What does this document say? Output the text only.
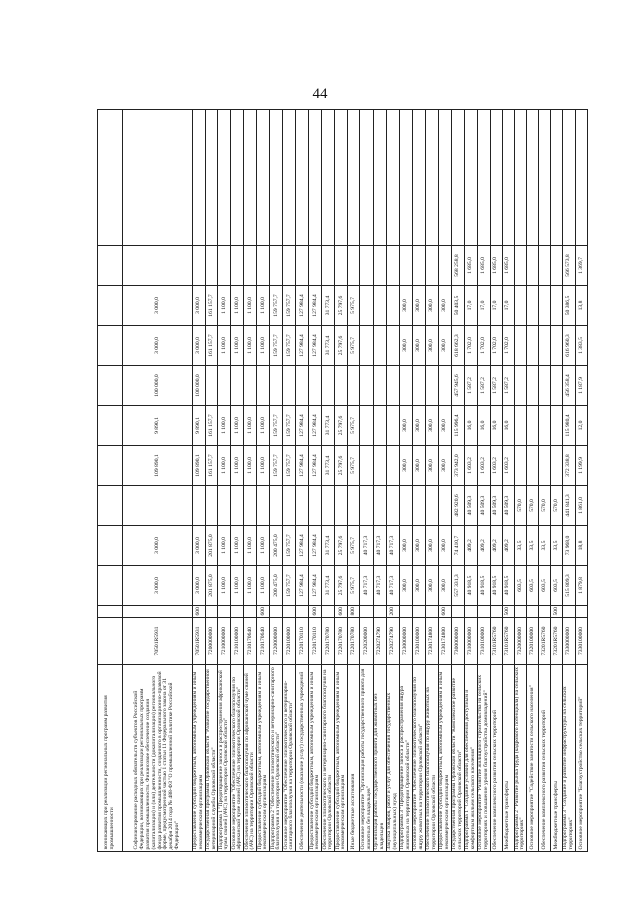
44
возникающих при реализации региональных программ развития промышленности												
Софинансирование расходных обязательств субъектов Российской Федерации, возникающих при реализации региональных программ развития промышленности. Финансовое обеспечение создания (капитализации) и (или) деятельности (докапитализации) регионального фонда развития промышленности, созданного в организационно-правовой форме, предусмотренной частью 1 статьи 11 Федерального закона от 31 декабря 2014 года № 488-ФЗ "О промышленной политике Российской Федерации"	70501R5931		3 000,0	3 000,0		109 890,1	9 890,1	100 000,0	3 000,0	3 000,0		
Предоставление субсидий бюджетным, автономным учреждениям и иным некоммерческим организациям	70501R5931	600	3 000,0	3 000,0		109 890,1	9 890,1	100 000,0	3 000,0	3 000,0		
Государственная программа Орловской области "Развитие государственной ветеринарной службы Орловской области"	7200000000		201 875,0	201 875,0		161 157,7	161 157,7		161 157,7	161 157,7		
Подпрограмма 1 "Предотвращение заноса и распространения африканской чумы свиней (АЧС) на территории Орловской области"	7210000000		1 100,0	1 100,0		1 100,0	1 100,0		1 100,0	1 100,0		
Основное мероприятие "Обеспечение эпизоотического благополучия по африканской чуме свиней (АЧС) на территории Орловской области"	7210100000		1 100,0	1 100,0		1 100,0	1 100,0		1 100,0	1 100,0		
Обеспечение эпизоотического благополучия по африканской чуме свиней (АЧС) на территории Орловской области	7210170640		1 100,0	1 100,0		1 100,0	1 100,0		1 100,0	1 100,0		
Предоставление субсидий бюджетным, автономным учреждениям и иным некоммерческим организациям	7210170640	600	1 100,0	1 100,0		1 100,0	1 100,0		1 100,0	1 100,0		
Подпрограмма 2 "Обеспечение эпизоотического и ветеринарно-санитарного благополучия на территории Орловской области"	7220000000		200 475,0	200 475,0		159 757,7	159 757,7		159 757,7	159 757,7		
Основное мероприятие "Обеспечение эпизоотического и ветеринарно-санитарного благополучия на территории Орловской области"	7220100000		159 757,7	159 757,7		159 757,7	159 757,7		159 757,7	159 757,7		
Обеспечение деятельности (оказание услуг) государственных учреждений	7220170110		127 984,4	127 984,4		127 984,4	127 984,4		127 984,4	127 984,4		
Предоставление субсидий бюджетным, автономным учреждениям и иным некоммерческим организациям	7220170110	600	127 984,4	127 984,4		127 984,4	127 984,4		127 984,4	127 984,4		
Обеспечение эпизоотического и ветеринарно-санитарного благополучия на территории Орловской области	7220170780		31 773,4	31 773,4		31 773,4	31 773,4		31 773,4	31 773,4		
Предоставление субсидий бюджетным, автономным учреждениям и иным некоммерческим организациям	7220170780	600	25 797,6	25 797,6		25 797,6	25 797,6		25 797,6	25 797,6		
Иные бюджетные ассигнования	7220170780	800	5 975,7	5 975,7		5 975,7	5 975,7		5 975,7	5 975,7		
Основное мероприятие "Организация работы государственного приюта для животных без владельцев"	7220200000		40 717,3	40 717,3								
Организация работы государственного приюта для животных без владельцев	7220274790		40 717,3	40 717,3								
Закупка товаров, работ и услуг для обеспечения государственных (муниципальных) нужд	7220274790	200	40 717,3	40 717,3								
Подпрограмма 3 "Предотвращение заноса и распространения ящура животных на территории Орловской области"	7230000000		300,0	300,0		300,0	300,0		300,0	300,0		
Основное мероприятие "Обеспечение эпизоотического благополучия по ящуру животных на территории Орловской области"	7230100000		300,0	300,0		300,0	300,0		300,0	300,0		
Обеспечение эпизоотического благополучия по ящуру животных на территории Орловской области	7230174800		300,0	300,0		300,0	300,0		300,0	300,0		
Предоставление субсидий бюджетным, автономным учреждениям и иным некоммерческим организациям	7230174800	600	300,0	300,0		300,0	300,0		300,0	300,0		
Государственная программа Орловской области "Комплексное развитие сельских территорий Орловской области"	7300000000		557 331,3	74 410,7	482 920,6	373 942,0	115 996,4	457 945,6	618 662,3	50 403,5	568 258,8	
Подпрограмма 1 "Создание условий для обеспечения доступным и комфортным жильем сельского населения"	7310000000		40 918,5	409,2	40 509,3	1 603,2	16,0	1 587,2	1 702,0	17,0	1 685,0	
Основное мероприятие "Развитие жилищного строительства на сельских территориях и повышение уровня благоустройства домовладений"	7310100000		40 918,5	409,2	40 509,3	1 603,2	16,0	1 587,2	1 702,0	17,0	1 685,0	
Обеспечение комплексного развития сельских территорий	73101R5760		40 918,5	409,2	40 509,3	1 603,2	16,0	1 587,2	1 702,0	17,0	1 685,0	
Межбюджетные трансферты	73101R5760	500	40 918,5	409,2	40 509,3	1 603,2	16,0	1 587,2	1 702,0	17,0	1 685,0	
Подпрограмма 2 "Развитие рынка труда (кадрового потенциала) на сельских территориях"	7320000000		603,5	33,5	570,0							
Основное мероприятие "Содействие занятости сельского населения"	7320100000		603,5	33,5	570,0							
Обеспечение комплексного развития сельских территорий	73201R5760		603,5	33,5	570,0							
Межбюджетные трансферты	73201R5760	500	603,5	33,5	570,0							
Подпрограмма 3 "Создание и развитие инфраструктуры на сельских территориях"	7330000000		515 809,3	73 968,0	441 841,3	372 338,8	115 980,4	456 358,4	616 960,3	50 386,5	566 573,8	
Основное мероприятие "Благоустройство сельских территорий"	7330100000		1 879,8	18,8	1 861,0	1 199,9	12,0	1 187,9	1 383,5	13,8	1 369,7	
